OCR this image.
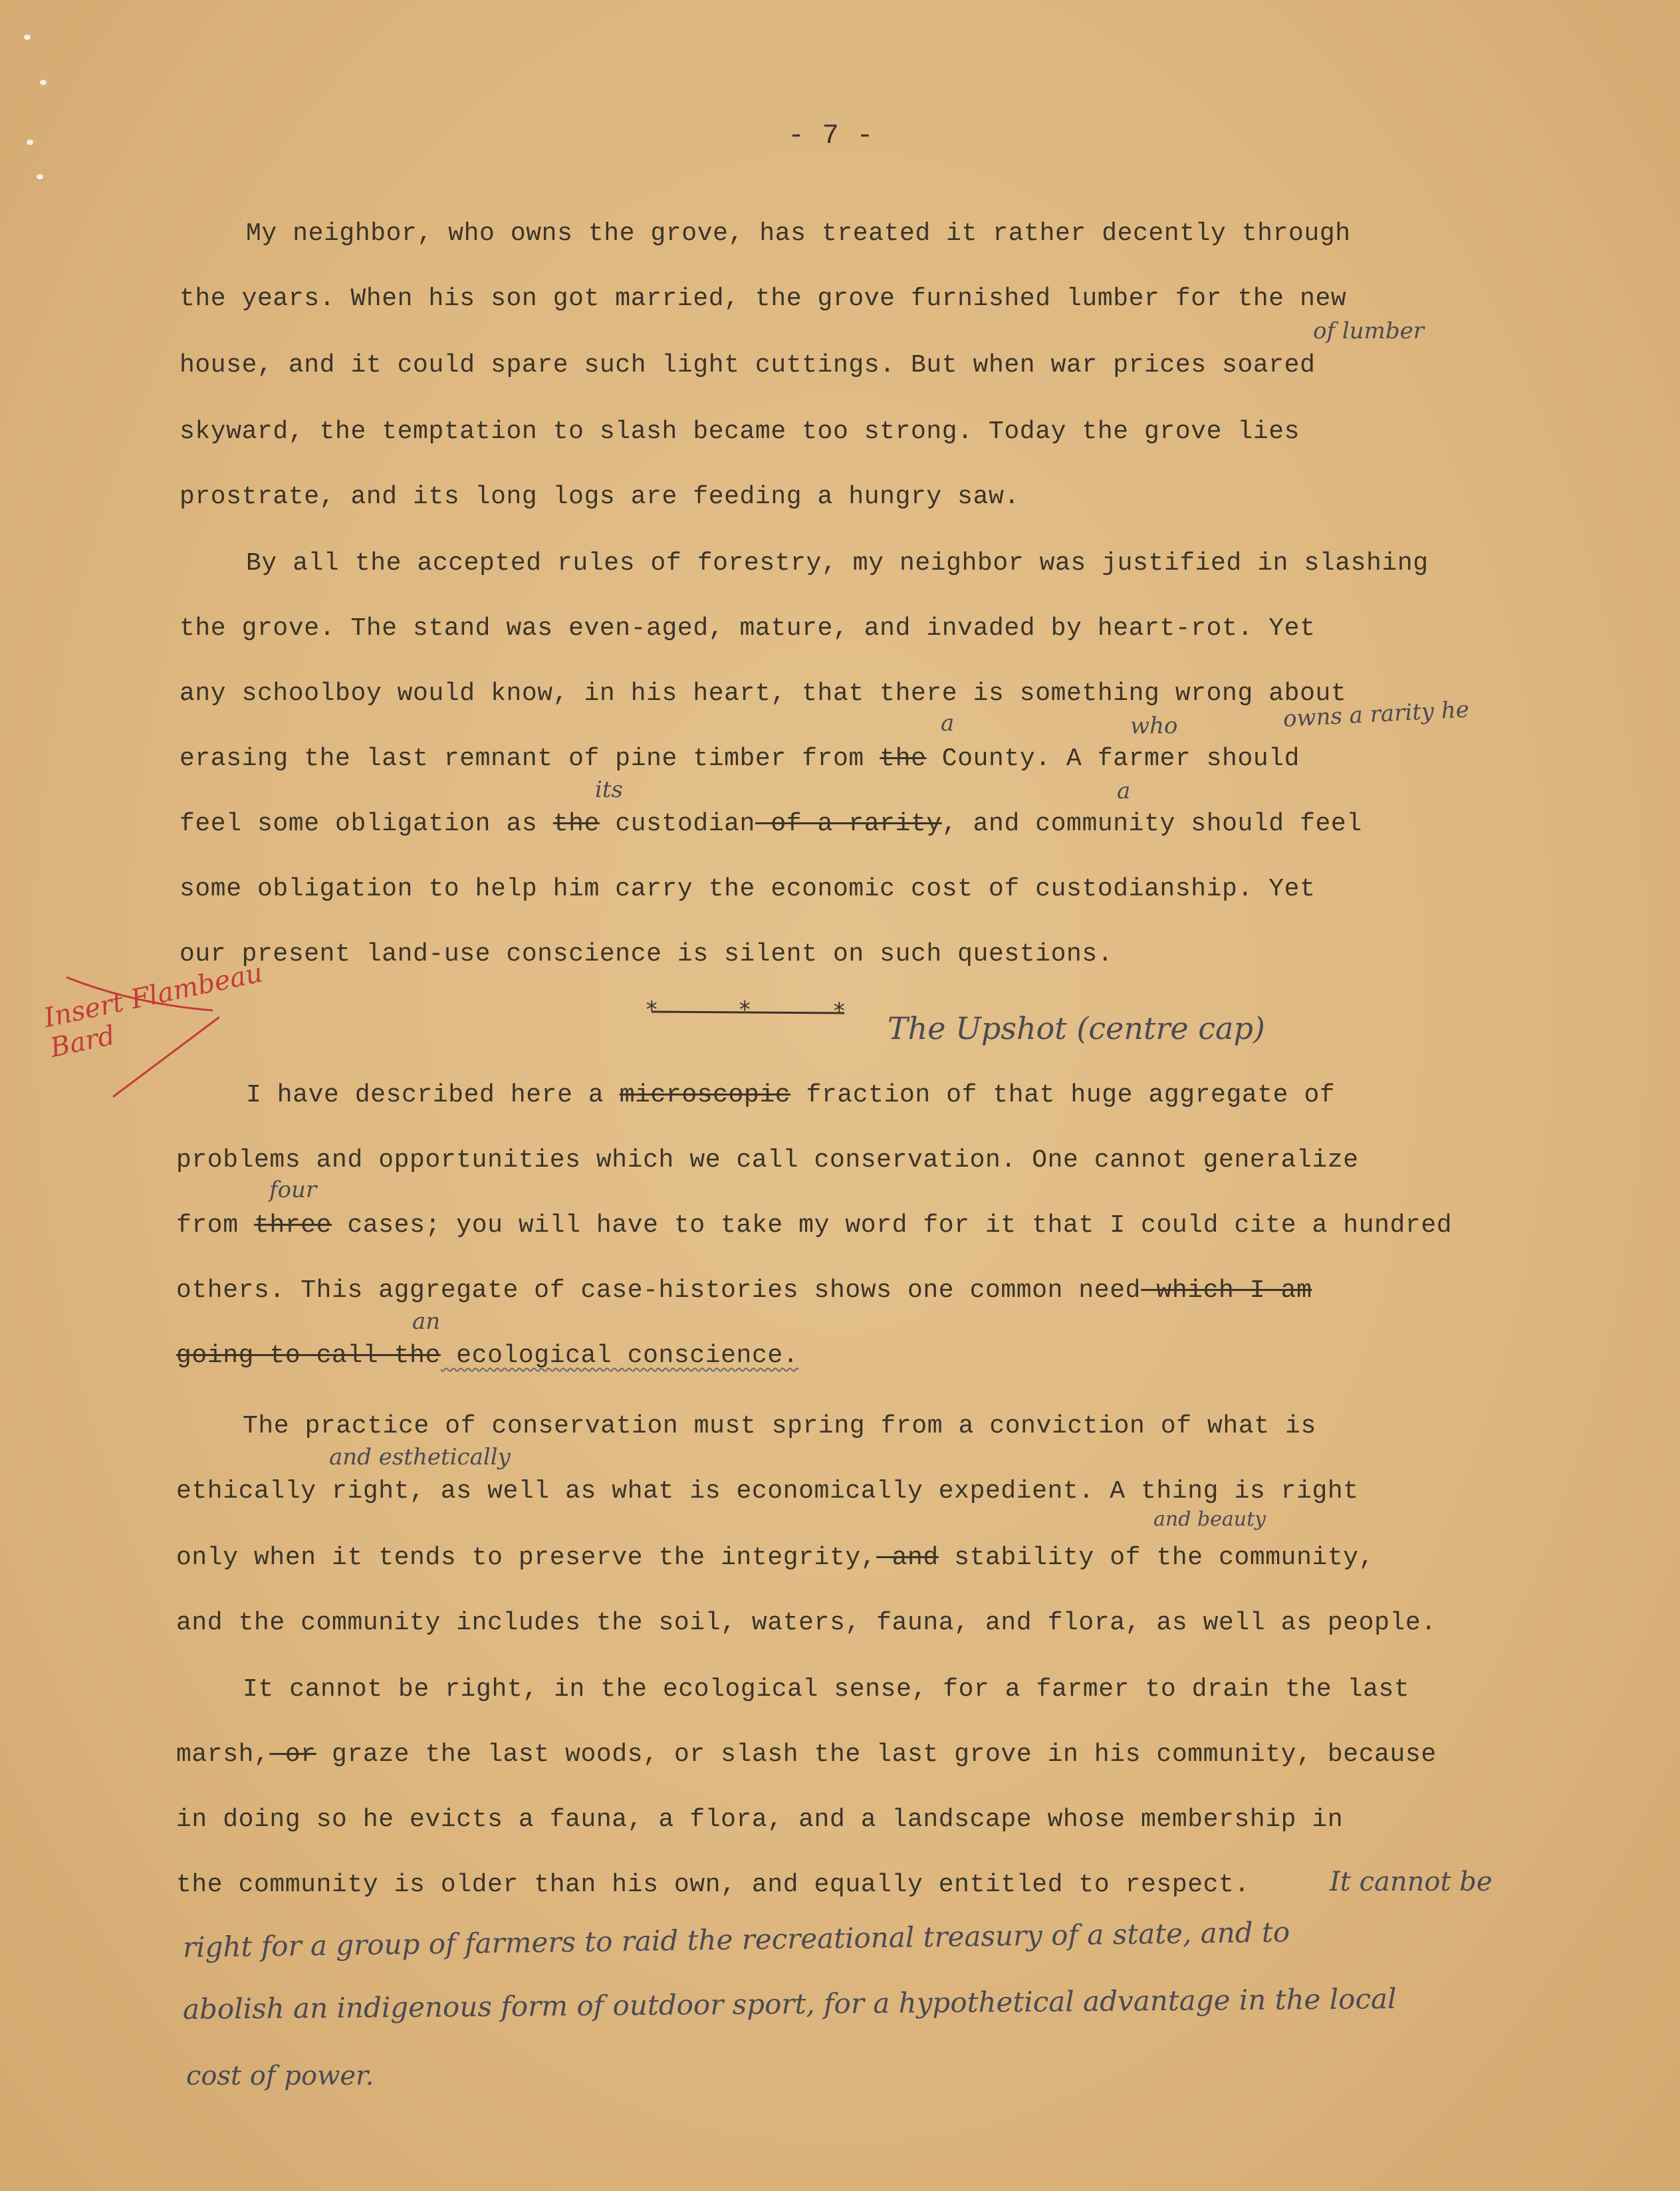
- 7 -
My neighbor, who owns the grove, has treated it rather decently through
the years. When his son got married, the grove furnished lumber for the new
of lumber
house, and it could spare such light cuttings. But when war prices soared
skyward, the temptation to slash became too strong. Today the grove lies
prostrate, and its long logs are feeding a hungry saw.
By all the accepted rules of forestry, my neighbor was justified in slashing
the grove. The stand was even-aged, mature, and invaded by heart-rot. Yet
any schoolboy would know, in his heart, that there is something wrong about
a	who	owns a rarity he
erasing the last remnant of pine timber from the County. A farmer should
its	a
feel some obligation as the custodian of a rarity, and community should feel
some obligation to help him carry the economic cost of custodianship. Yet
our present land-use conscience is silent on such questions.
*	*	* The Upshot (centre cap)
Insert Flambeau Bard
I have described here a microscopic fraction of that huge aggregate of
problems and opportunities which we call conservation. One cannot generalize
four
from three cases; you will have to take my word for it that I could cite a hundred
others. This aggregate of case-histories shows one common need which I am
an
going to call the ecological conscience.
The practice of conservation must spring from a conviction of what is
and esthetically
ethically right, as well as what is economically expedient. A thing is right
and beauty
only when it tends to preserve the integrity, and stability of the community,
and the community includes the soil, waters, fauna, and flora, as well as people.
It cannot be right, in the ecological sense, for a farmer to drain the last
marsh, or graze the last woods, or slash the last grove in his community, because
in doing so he evicts a fauna, a flora, and a landscape whose membership in
the community is older than his own, and equally entitled to respect.	It cannot be
right for a group of farmers to raid the recreational treasury of a state, and to
abolish an indigenous form of outdoor sport, for a hypothetical advantage in the local
cost of power.
